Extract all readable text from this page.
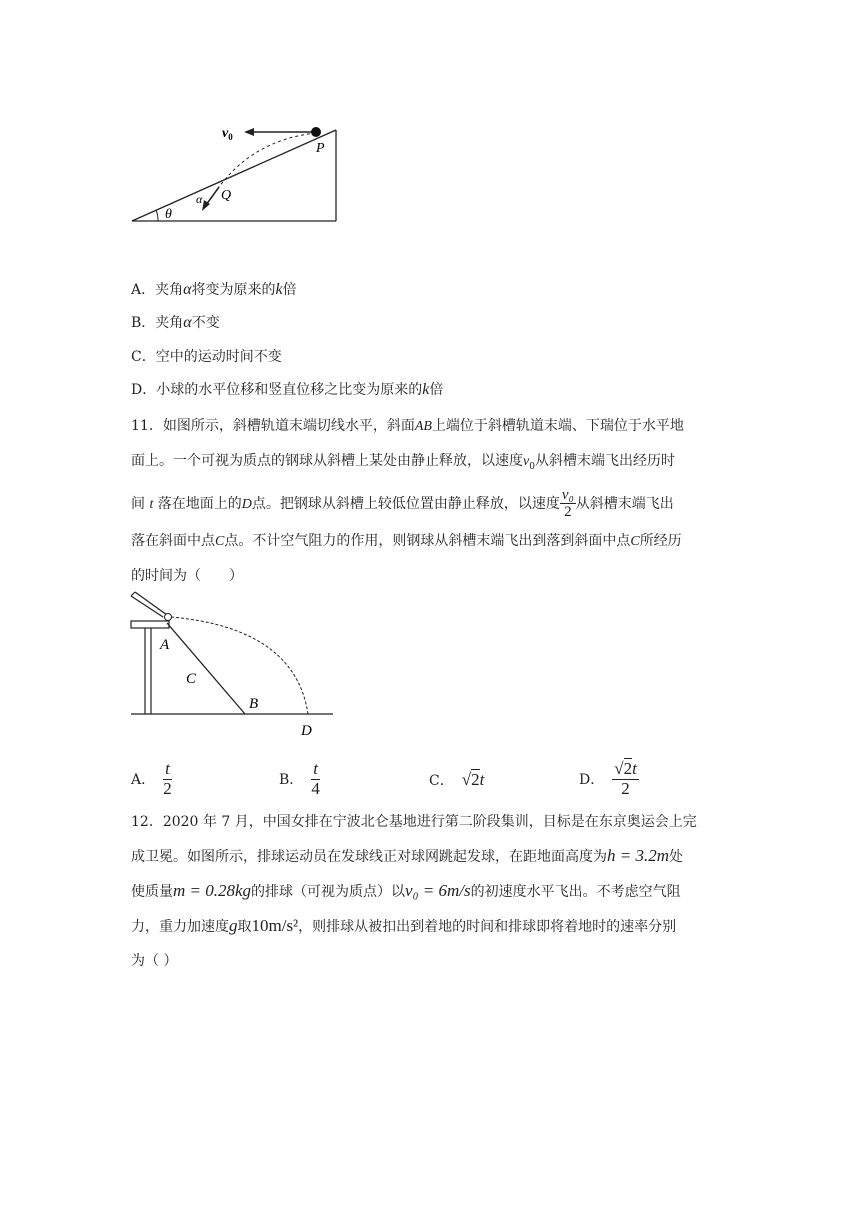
$v_0$
P
Q
α
θ
A．夹角α将变为原来的k倍
B．夹角α不变
C．空中的运动时间不变
D．小球的水平位移和竖直位移之比变为原来的k倍
11．如图所示，斜槽轨道末端切线水平，斜面AB上端位于斜槽轨道末端、下瑞位于水平地
面上。一个可视为质点的钢球从斜槽上某处由静止释放，以速度$v_0$从斜槽末端飞出经历时
间 t 落在地面上的D点。把钢球从斜槽上较低位置由静止释放，以速度 $\frac{\text{v₀}}{2}$ 从斜槽末端飞出
落在斜面中点C点。不计空气阻力的作用，则钢球从斜槽末端飞出到落到斜面中点C所经历
的时间为（　　）
A
C
B
D
A． $\frac{t}{2}$	B． $\frac{t}{4}$	C． √2t	D． $\frac{√2t}{2}$
12．2020 年 7 月，中国女排在宁波北仑基地进行第二阶段集训，目标是在东京奥运会上完
成卫冕。如图所示，排球运动员在发球线正对球网跳起发球，在距地面高度为h = 3.2m处
使质量m = 0.28kg的排球（可视为质点）以v₀ = 6m/s的初速度水平飞出。不考虑空气阻
力，重力加速度g取10m/s²，则排球从被扣出到着地的时间和排球即将着地时的速率分别
为（ ）
